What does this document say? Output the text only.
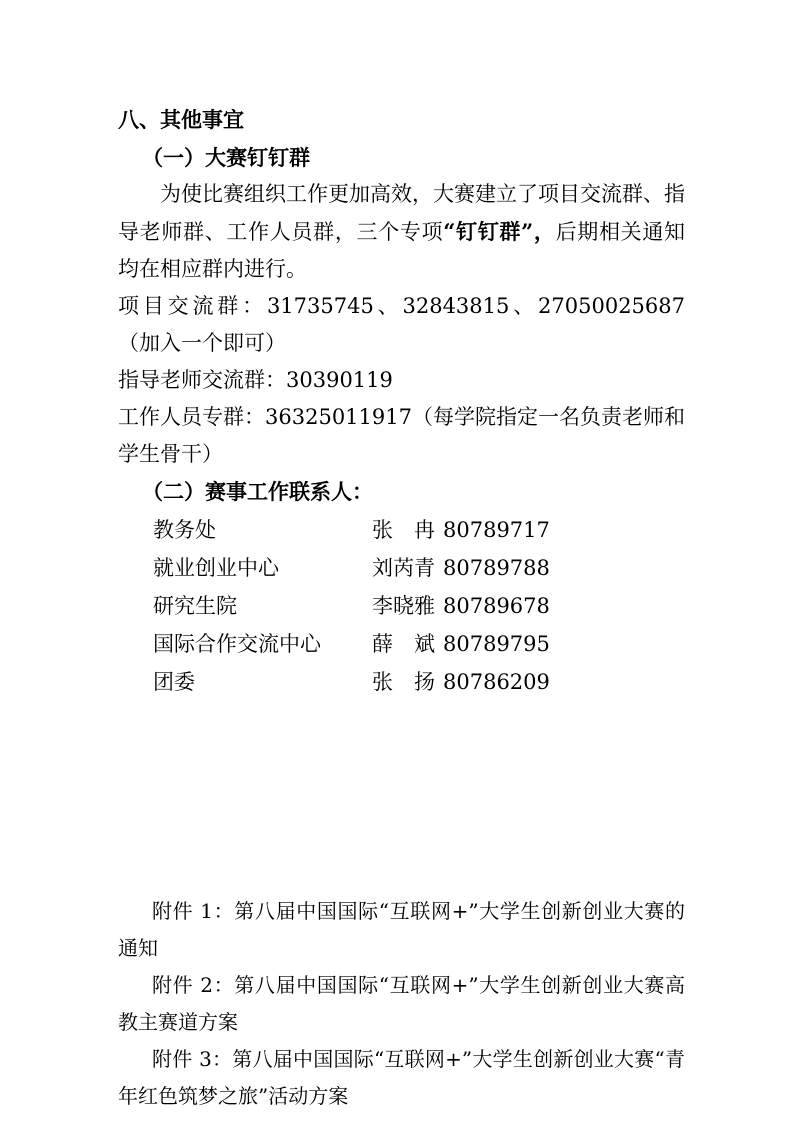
八、其他事宜

（一）大赛钉钉群

为使比赛组织工作更加高效，大赛建立了项目交流群、指导老师群、工作人员群，三个专项“钉钉群”，后期相关通知均在相应群内进行。

项目交流群：31735745、32843815、27050025687（加入一个即可）

指导老师交流群：30390119

工作人员专群：36325011917（每学院指定一名负责老师和学生骨干）

（二）赛事工作联系人：

教务处	张　冉 80789717
就业创业中心	刘芮青 80789788
研究生院	李晓雅 80789678
国际合作交流中心 薛　斌 80789795
团委	张　扬 80786209

附件 1：第八届中国国际“互联网+”大学生创新创业大赛的通知

附件 2：第八届中国国际“互联网+”大学生创新创业大赛高教主赛道方案

附件 3：第八届中国国际“互联网+”大学生创新创业大赛“青年红色筑梦之旅”活动方案
